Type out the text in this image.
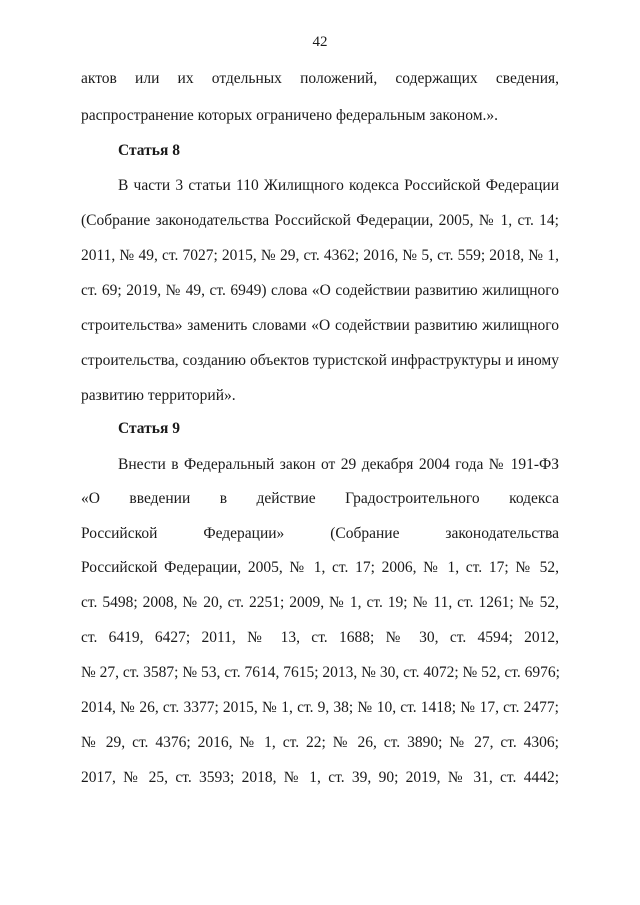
42
актов или их отдельных положений, содержащих сведения,
распространение которых ограничено федеральным законом.».
Статья 8
В части 3 статьи 110 Жилищного кодекса Российской Федерации
(Собрание законодательства Российской Федерации, 2005, № 1, ст. 14;
2011, № 49, ст. 7027; 2015, № 29, ст. 4362; 2016, № 5, ст. 559; 2018, № 1,
ст. 69; 2019, № 49, ст. 6949) слова «О содействии развитию жилищного
строительства» заменить словами «О содействии развитию жилищного
строительства, созданию объектов туристской инфраструктуры и иному
развитию территорий».
Статья 9
Внести в Федеральный закон от 29 декабря 2004 года № 191-ФЗ
«О введении в действие Градостроительного кодекса
Российской Федерации» (Собрание законодательства
Российской Федерации, 2005, № 1, ст. 17; 2006, № 1, ст. 17; № 52,
ст. 5498; 2008, № 20, ст. 2251; 2009, № 1, ст. 19; № 11, ст. 1261; № 52,
ст. 6419, 6427; 2011, № 13, ст. 1688; № 30, ст. 4594; 2012,
№ 27, ст. 3587; № 53, ст. 7614, 7615; 2013, № 30, ст. 4072; № 52, ст. 6976;
2014, № 26, ст. 3377; 2015, № 1, ст. 9, 38; № 10, ст. 1418; № 17, ст. 2477;
№ 29, ст. 4376; 2016, № 1, ст. 22; № 26, ст. 3890; № 27, ст. 4306;
2017, № 25, ст. 3593; 2018, № 1, ст. 39, 90; 2019, № 31, ст. 4442;
